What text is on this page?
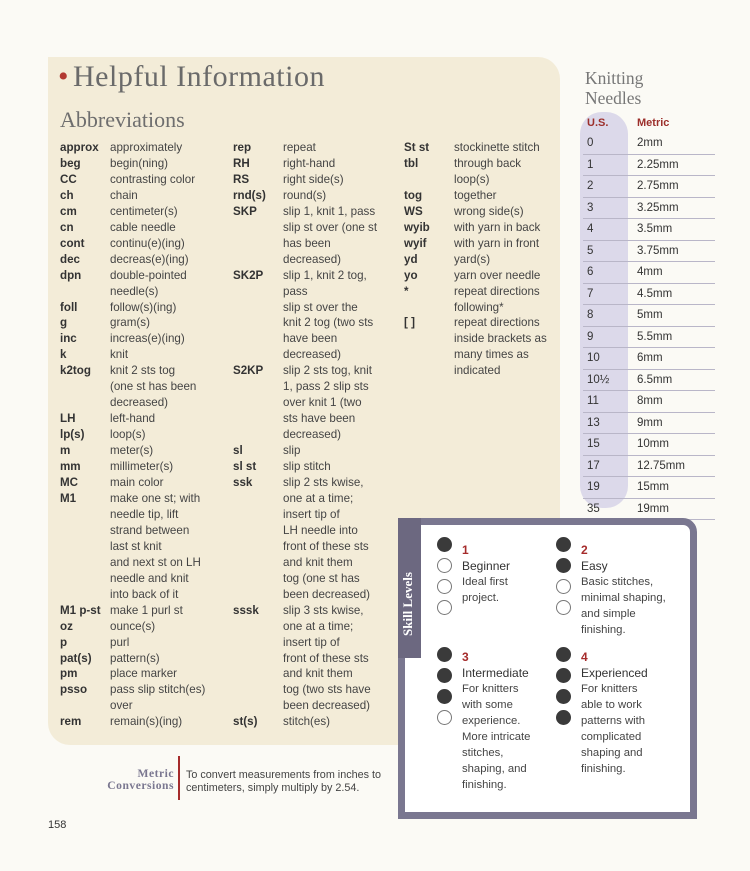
• Helpful Information
Abbreviations
approx approximately
beg	begin(ning)
CC	contrasting color
ch	chain
cm	centimeter(s)
cn	cable needle
cont	continu(e)(ing)
dec	decreas(e)(ing)
dpn	double-pointed
needle(s)
foll	follow(s)(ing)
g	gram(s)
inc	increas(e)(ing)
k	knit
k2tog	knit 2 sts tog
(one st has been
decreased)
LH	left-hand
lp(s)	loop(s)
m	meter(s)
mm	millimeter(s)
MC	main color
M1	make one st; with
needle tip, lift
strand between
last st knit
and next st on LH
needle and knit
into back of it
M1 p-st make 1 purl st
oz	ounce(s)
p	purl
pat(s)	pattern(s)
pm	place marker
psso	pass slip stitch(es)
over
rem	remain(s)(ing)
rep	repeat
RH	right-hand
RS	right side(s)
rnd(s)	round(s)
SKP	slip 1, knit 1, pass
slip st over (one st
has been
decreased)
SK2P	slip 1, knit 2 tog,
pass
slip st over the
knit 2 tog (two sts
have been
decreased)
S2KP	slip 2 sts tog, knit
1, pass 2 slip sts
over knit 1 (two
sts have been
decreased)
sl	slip
sl st	slip stitch
ssk	slip 2 sts kwise,
one at a time;
insert tip of
LH needle into
front of these sts
and knit them
tog (one st has
been decreased)
sssk	slip 3 sts kwise,
one at a time;
insert tip of
front of these sts
and knit them
tog (two sts have
been decreased)
st(s)	stitch(es)
St st	stockinette stitch
tbl	through back
loop(s)
tog	together
WS	wrong side(s)
wyib	with yarn in back
wyif	with yarn in front
yd	yard(s)
yo	yarn over needle
*	repeat directions
following*
[ ]	repeat directions
inside brackets as
many times as
indicated
Knitting
Needles
U.S.	Metric
0	2mm
1	2.25mm
2	2.75mm
3	3.25mm
4	3.5mm
5	3.75mm
6	4mm
7	4.5mm
8	5mm
9	5.5mm
10	6mm
10½	6.5mm
11	8mm
13	9mm
15	10mm
17	12.75mm
19	15mm
35	19mm
Skill Levels
1
Beginner
Ideal first
project.
2
Easy
Basic stitches,
minimal shaping,
and simple
finishing.
3
Intermediate
For knitters
with some
experience.
More intricate
stitches,
shaping, and
finishing.
4
Experienced
For knitters
able to work
patterns with
complicated
shaping and
finishing.
Metric
Conversions
To convert measurements from inches to
centimeters, simply multiply by 2.54.
158
